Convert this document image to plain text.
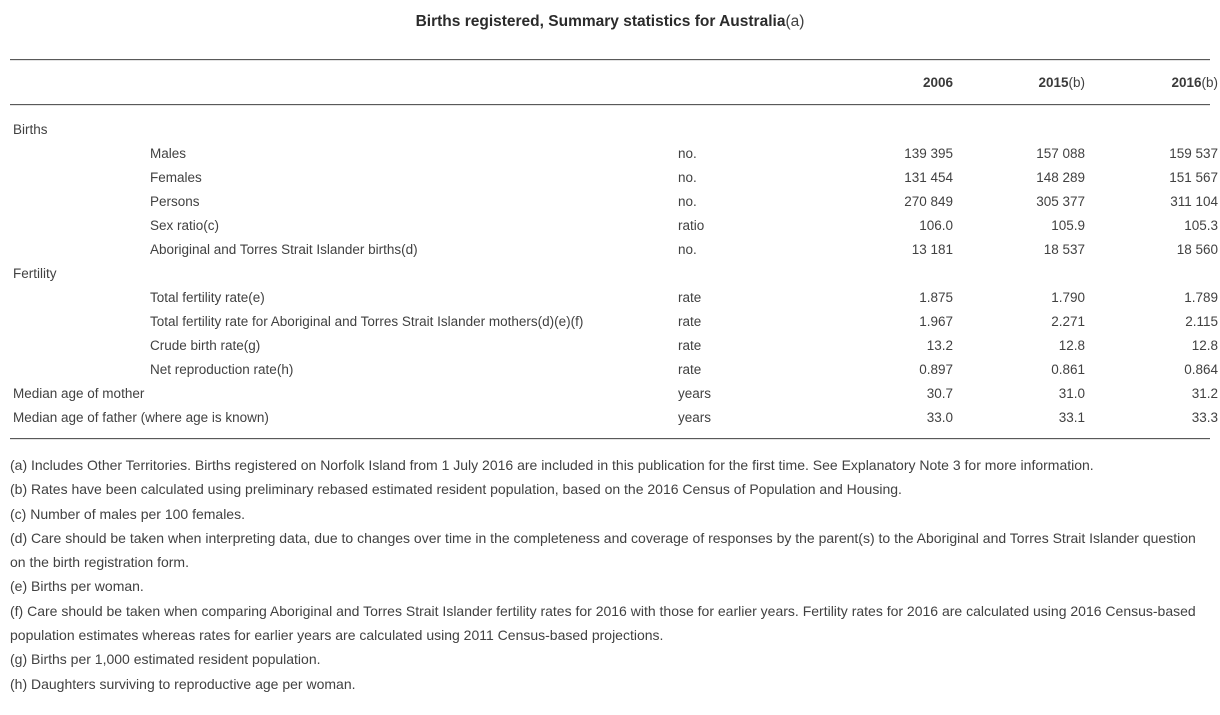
Births registered, Summary statistics for Australia(a)
		2006	2015(b)	2016(b)
Births				
Males	no.	139 395	157 088	159 537
Females	no.	131 454	148 289	151 567
Persons	no.	270 849	305 377	311 104
Sex ratio(c)	ratio	106.0	105.9	105.3
Aboriginal and Torres Strait Islander births(d)	no.	13 181	18 537	18 560
Fertility				
Total fertility rate(e)	rate	1.875	1.790	1.789
Total fertility rate for Aboriginal and Torres Strait Islander mothers(d)(e)(f)	rate	1.967	2.271	2.115
Crude birth rate(g)	rate	13.2	12.8	12.8
Net reproduction rate(h)	rate	0.897	0.861	0.864
Median age of mother	years	30.7	31.0	31.2
Median age of father (where age is known)	years	33.0	33.1	33.3

(a) Includes Other Territories. Births registered on Norfolk Island from 1 July 2016 are included in this publication for the first time. See Explanatory Note 3 for more information.

(b) Rates have been calculated using preliminary rebased estimated resident population, based on the 2016 Census of Population and Housing.

(c) Number of males per 100 females.

(d) Care should be taken when interpreting data, due to changes over time in the completeness and coverage of responses by the parent(s) to the Aboriginal and Torres Strait Islander question on the birth registration form.

(e) Births per woman.

(f) Care should be taken when comparing Aboriginal and Torres Strait Islander fertility rates for 2016 with those for earlier years. Fertility rates for 2016 are calculated using 2016 Census-based population estimates whereas rates for earlier years are calculated using 2011 Census-based projections.

(g) Births per 1,000 estimated resident population.

(h) Daughters surviving to reproductive age per woman.
